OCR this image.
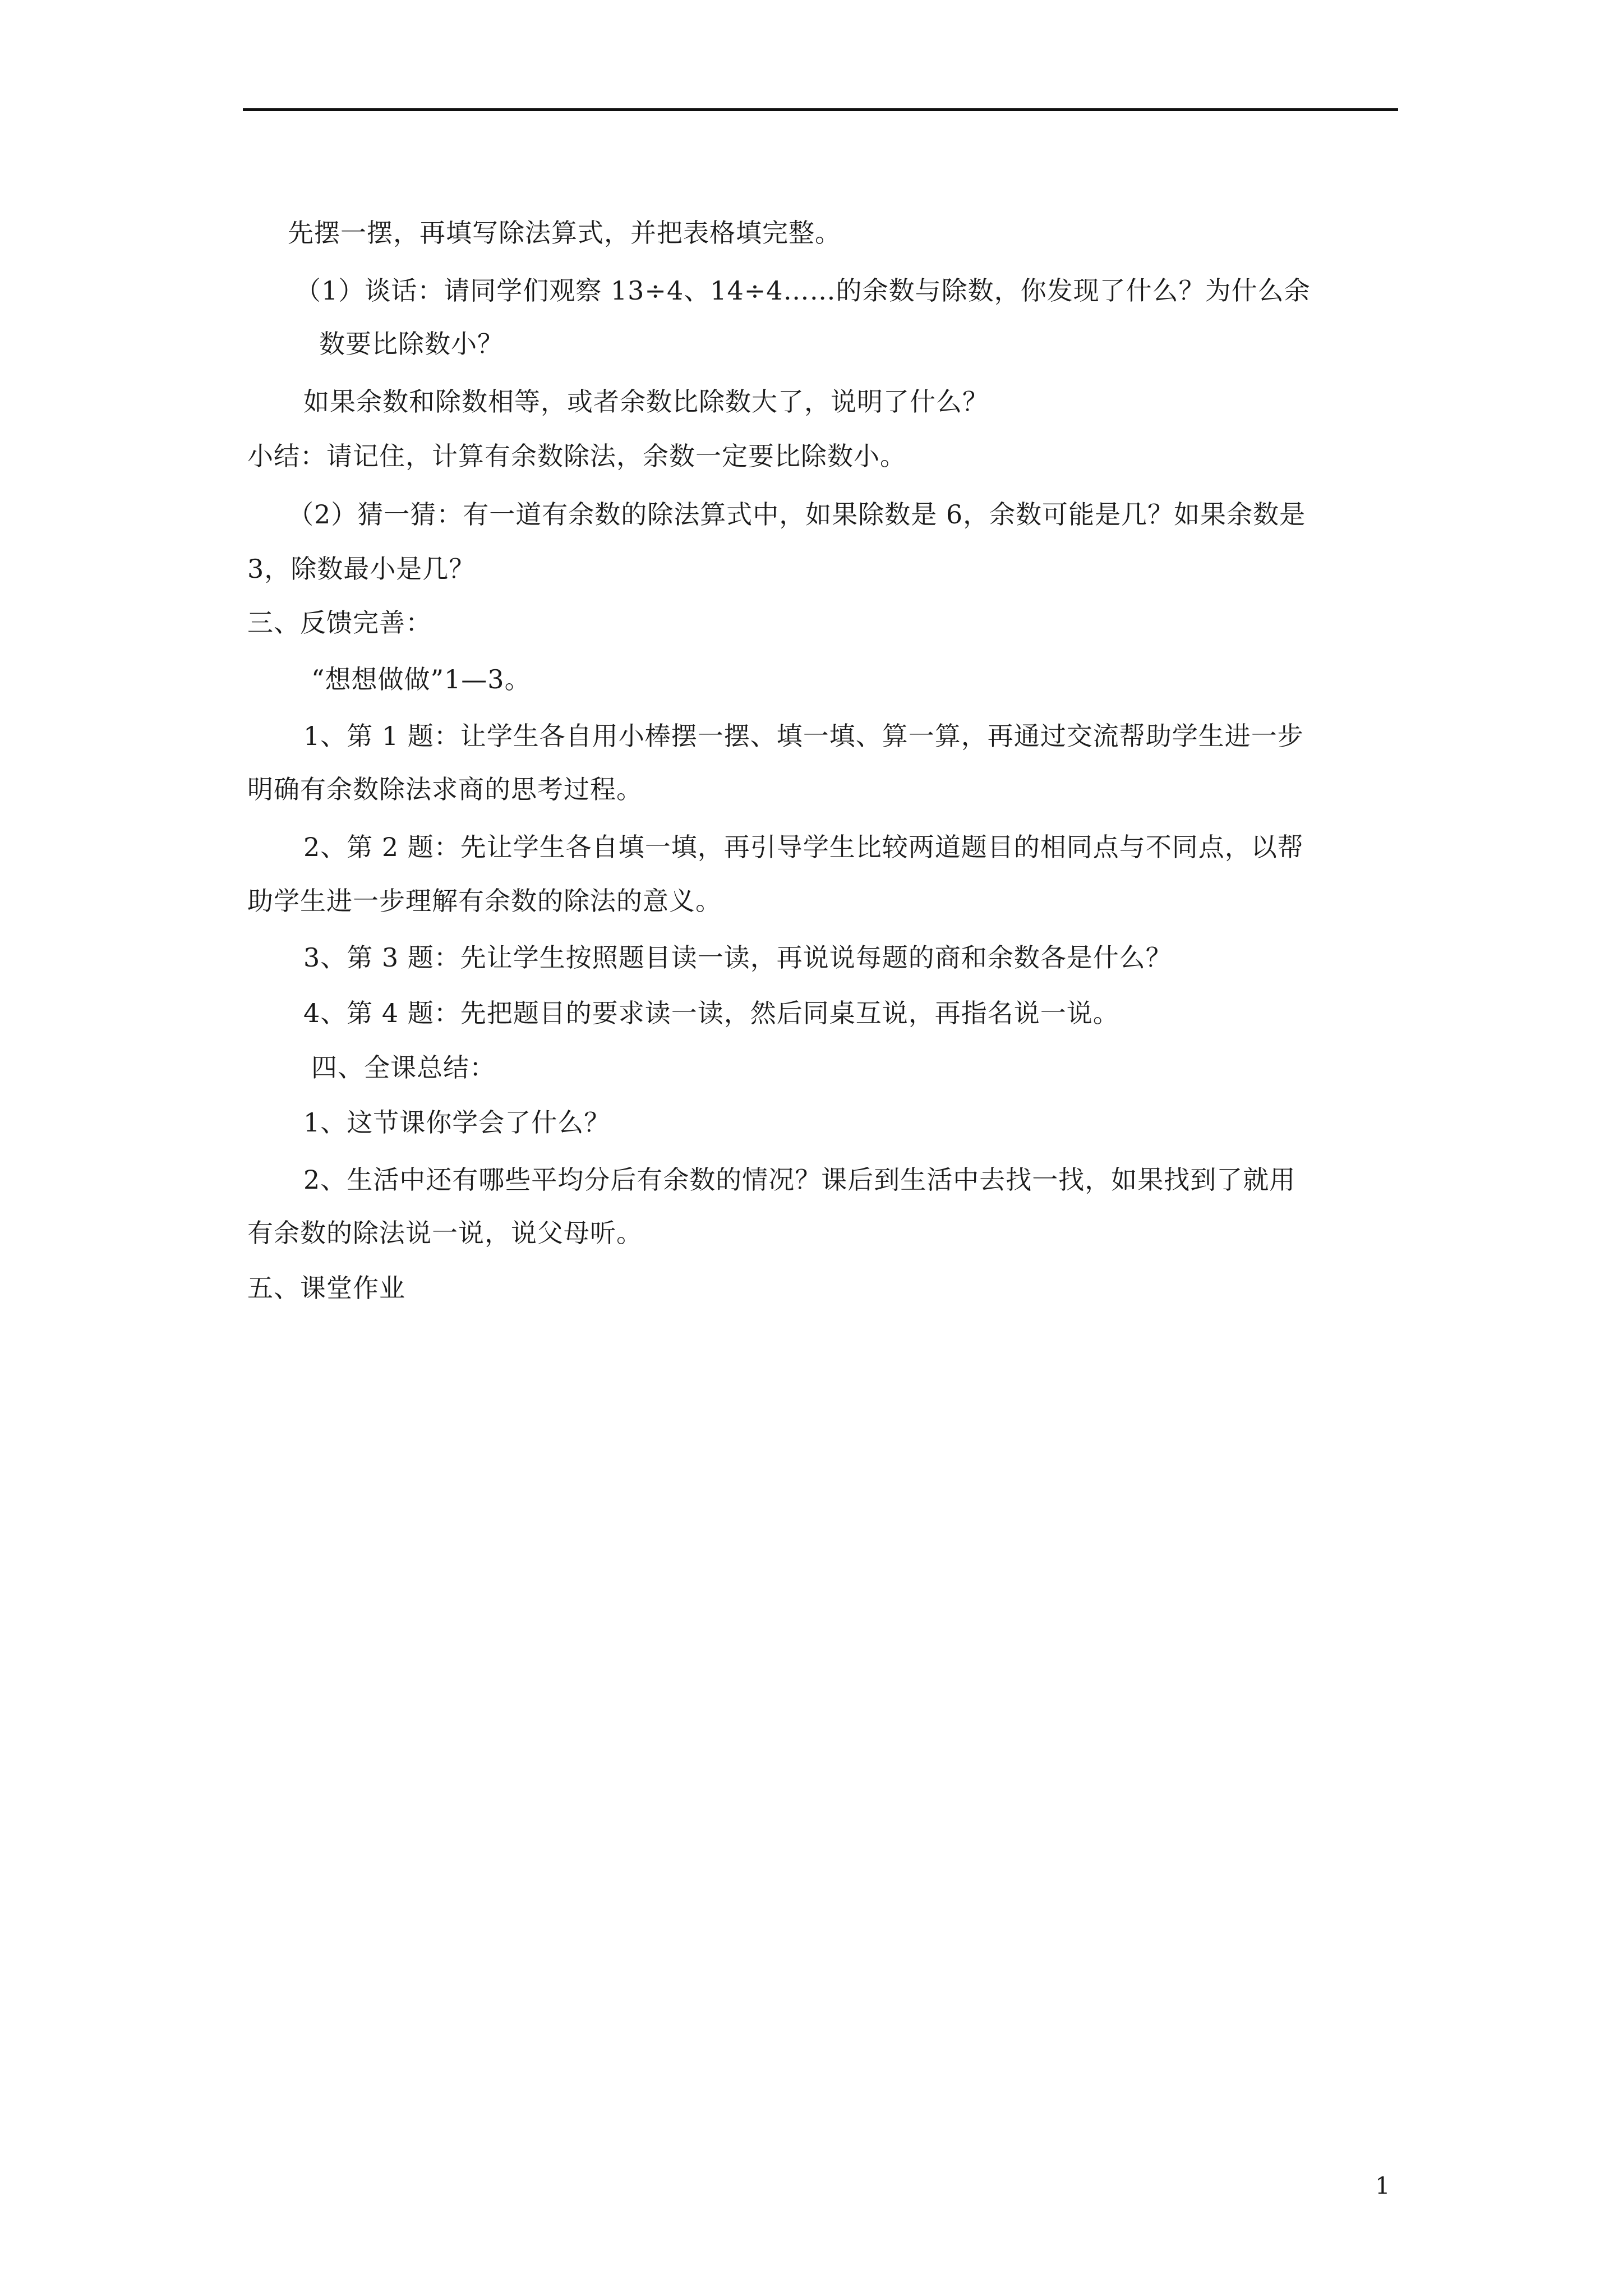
先摆一摆，再填写除法算式，并把表格填完整。
（1）谈话：请同学们观察 13÷4、14÷4……的余数与除数，你发现了什么？为什么余
数要比除数小？
如果余数和除数相等，或者余数比除数大了，说明了什么？
小结：请记住，计算有余数除法，余数一定要比除数小。
（2）猜一猜：有一道有余数的除法算式中，如果除数是 6，余数可能是几？如果余数是
3，除数最小是几？
三、反馈完善：
“想想做做”1—3。
1、第 1 题：让学生各自用小棒摆一摆、填一填、算一算，再通过交流帮助学生进一步
明确有余数除法求商的思考过程。
2、第 2 题：先让学生各自填一填，再引导学生比较两道题目的相同点与不同点，以帮
助学生进一步理解有余数的除法的意义。
3、第 3 题：先让学生按照题目读一读，再说说每题的商和余数各是什么？
4、第 4 题：先把题目的要求读一读，然后同桌互说，再指名说一说。
四、全课总结：
1、这节课你学会了什么？
2、生活中还有哪些平均分后有余数的情况？课后到生活中去找一找，如果找到了就用
有余数的除法说一说，说父母听。
五、课堂作业
1
